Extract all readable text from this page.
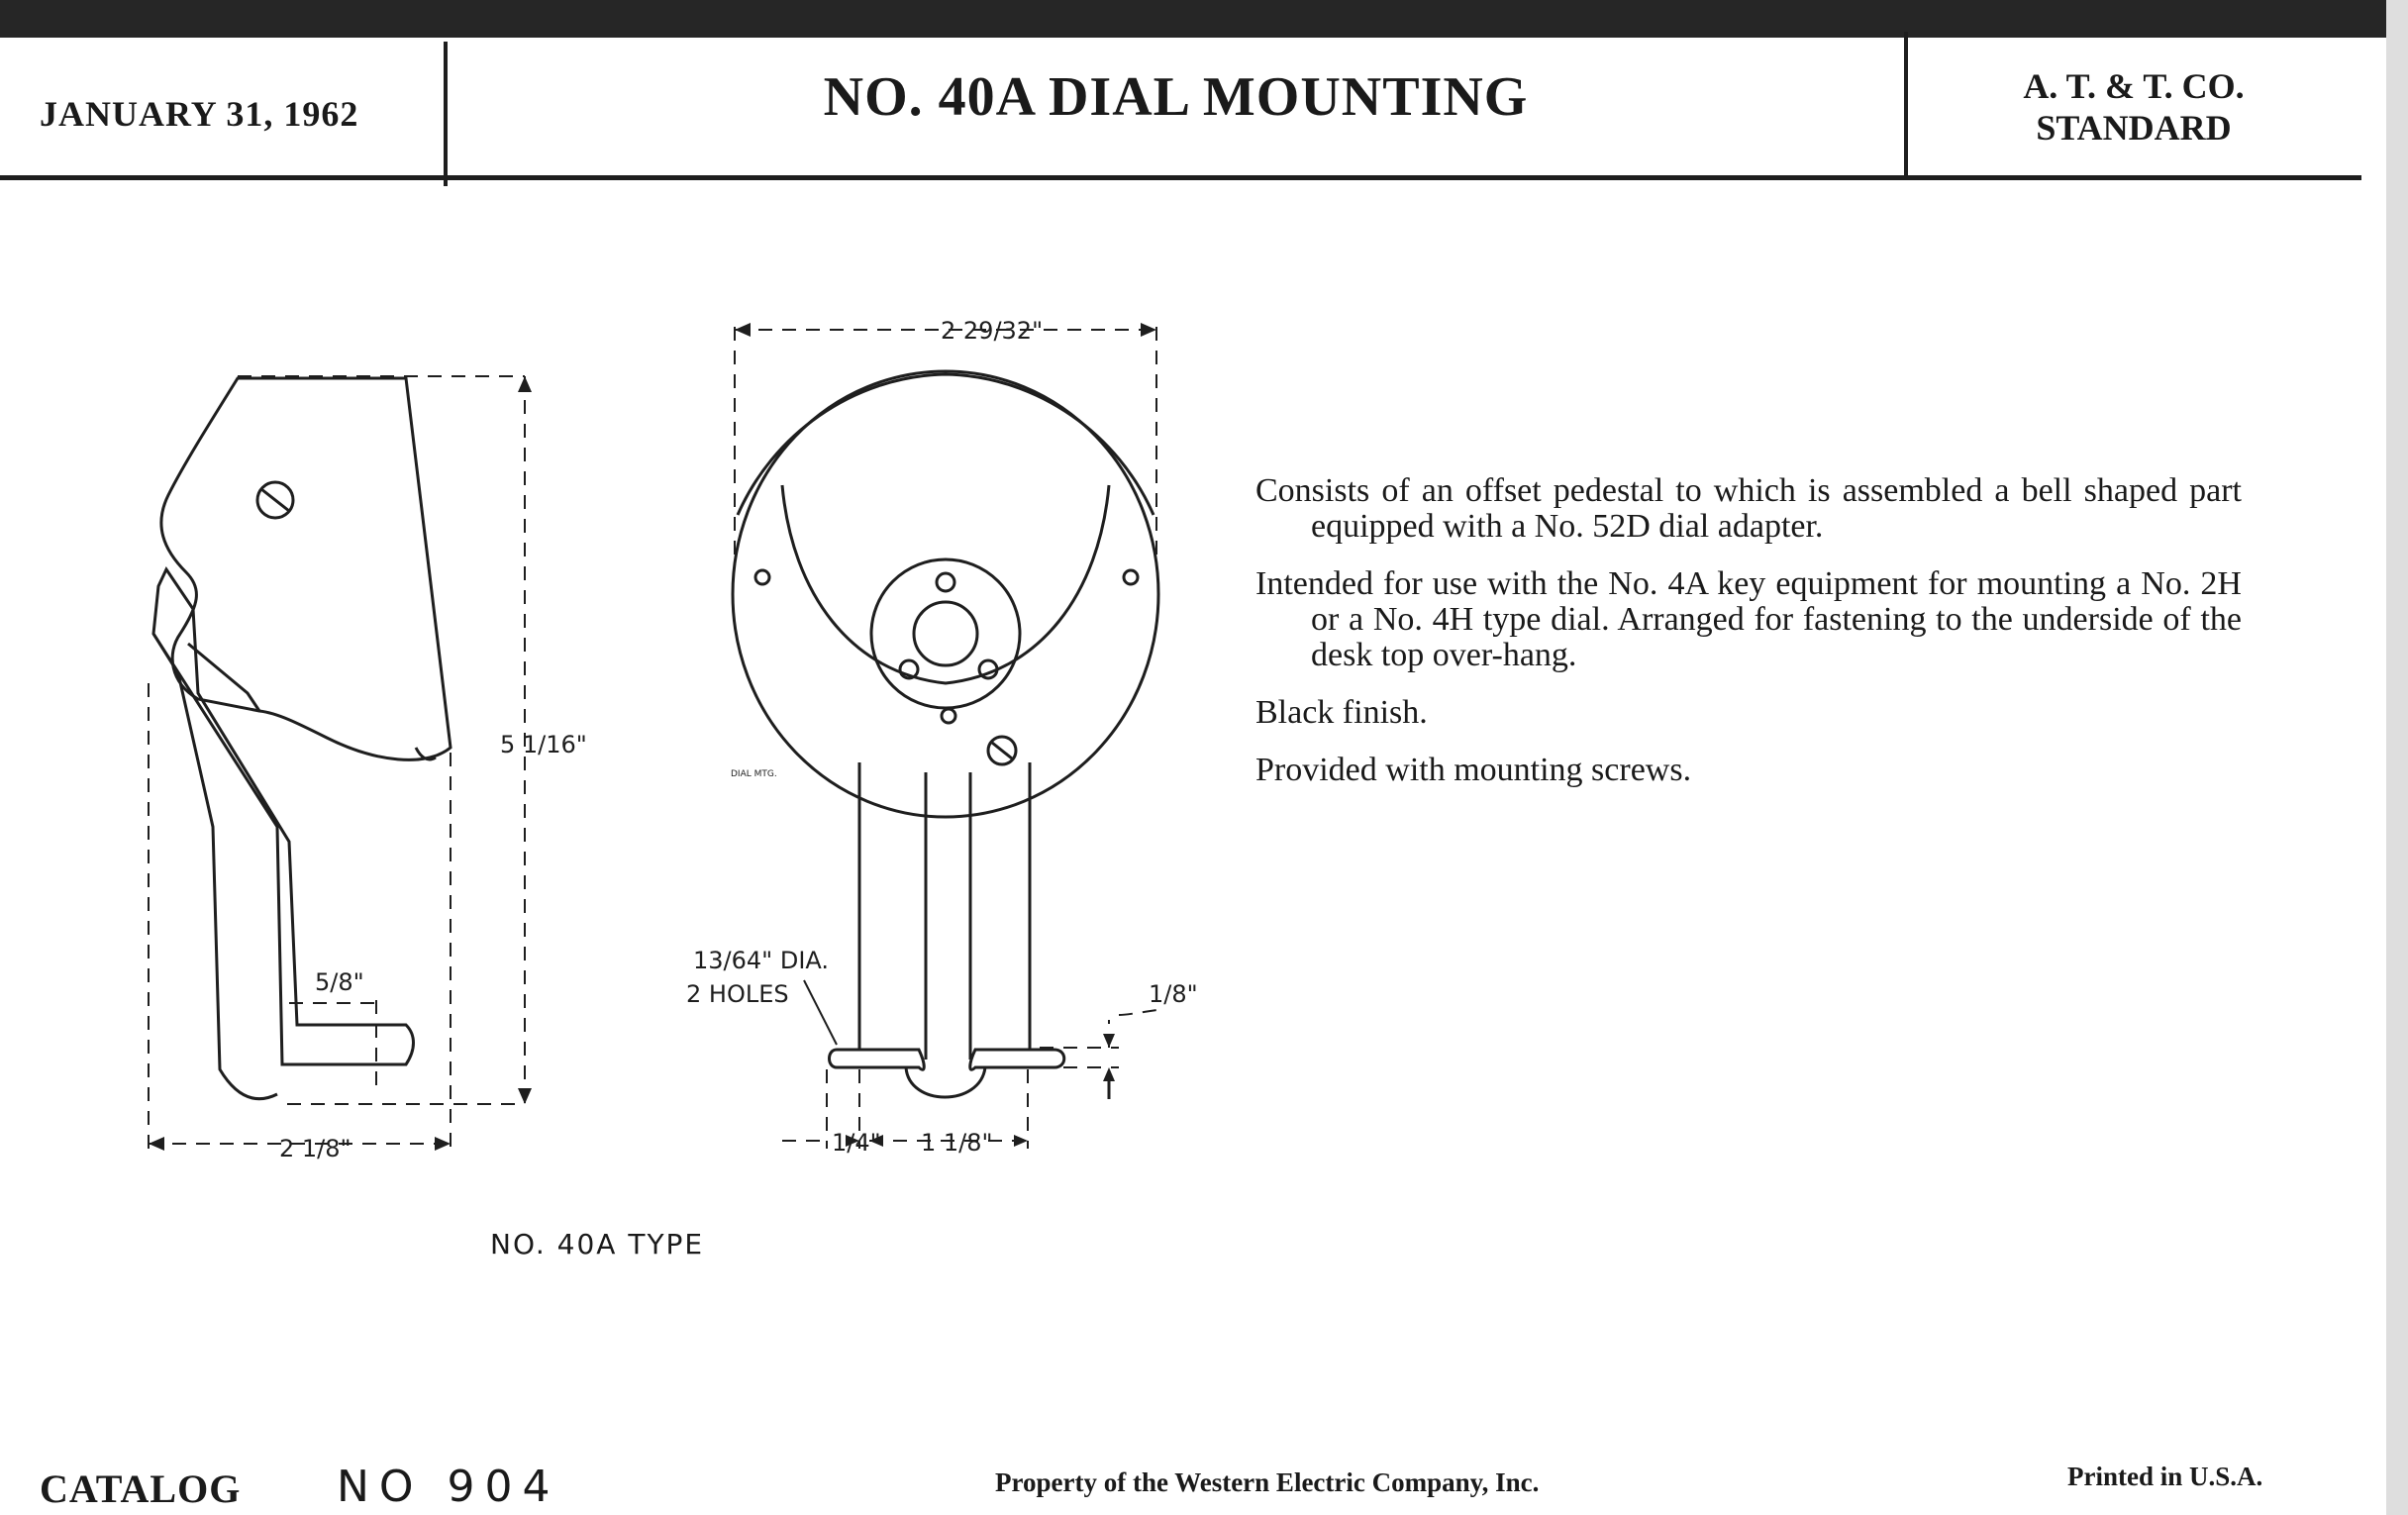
JANUARY 31, 1962	NO. 40A DIAL MOUNTING	A. T. & T. CO.
STANDARD
2 29/32"
5 1/16"
2 1/8"
5/8"
13/64" DIA.
2 HOLES
1/4" 1 1/8"
1/8"
DIAL MTG.
NO. 40A TYPE

Consists of an offset pedestal to which is assembled a bell shaped part equipped with a No. 52D dial adapter.

Intended for use with the No. 4A key equipment for mounting a No. 2H or a No. 4H type dial. Arranged for fastening to the underside of the desk top over-hang.

Black finish.

Provided with mounting screws.

CATALOG NO 904	Property of the Western Electric Company, Inc.	Printed in U.S.A.
